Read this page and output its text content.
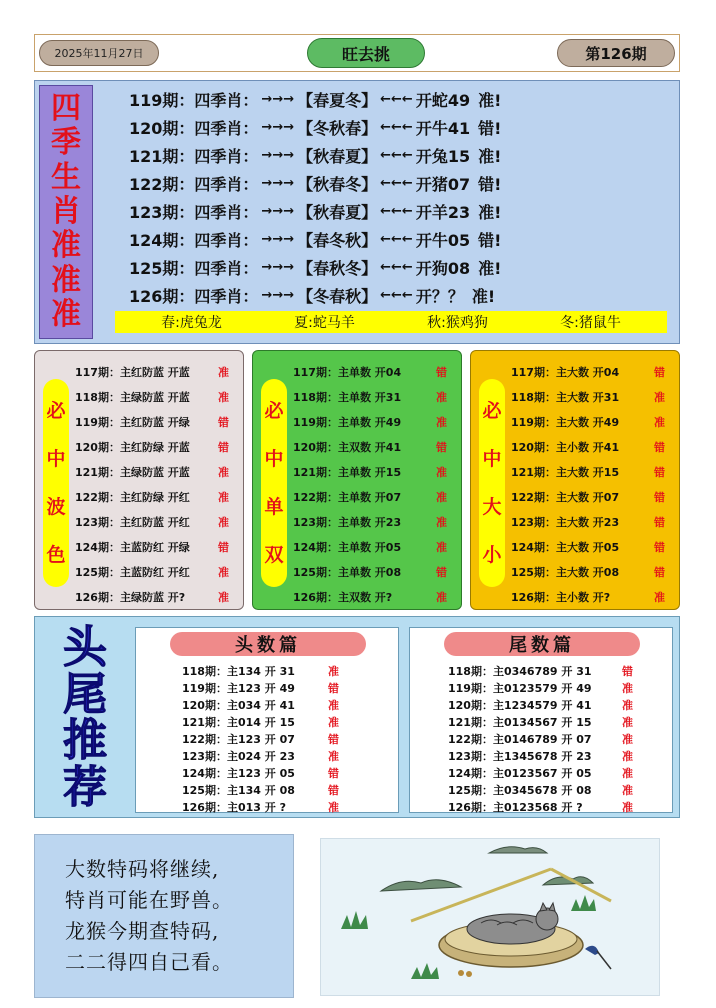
2025年11月27日	旺去挑	第126期
四
季
生
肖
准
准
准	春:虎兔龙	夏:蛇马羊	秋:猴鸡狗	冬:猪鼠牛
119期： 四季肖： →→→ 【春夏冬】 ←←← 开蛇49 准!
120期： 四季肖： →→→ 【冬秋春】 ←←← 开牛41 错!
121期： 四季肖： →→→ 【秋春夏】 ←←← 开兔15 准!
122期： 四季肖： →→→ 【秋春冬】 ←←← 开猪07 错!
123期： 四季肖： →→→ 【秋春夏】 ←←← 开羊23 准!
124期： 四季肖： →→→ 【春冬秋】 ←←← 开牛05 错!
125期： 四季肖： →→→ 【春秋冬】 ←←← 开狗08 准!
126期： 四季肖： →→→ 【冬春秋】 ←←← 开？？ 准!
必
中
波
色
117期：主红防蓝 开蓝	准
118期：主绿防蓝 开蓝	准
119期：主红防蓝 开绿	错
120期：主红防绿 开蓝	错
121期：主绿防蓝 开蓝	准
122期：主红防绿 开红	准
123期：主红防蓝 开红	准
124期：主蓝防红 开绿	错
125期：主蓝防红 开红	准
126期：主绿防蓝 开?	准
必
中
单
双
117期：主单数 开04	错
118期：主单数 开31	准
119期：主单数 开49	准
120期：主双数 开41	错
121期：主单数 开15	准
122期：主单数 开07	准
123期：主单数 开23	准
124期：主单数 开05	准
125期：主单数 开08	错
126期：主双数 开?	准
必
中
大
小
117期：主大数 开04	错
118期：主大数 开31	准
119期：主大数 开49	准
120期：主小数 开41	错
121期：主大数 开15	错
122期：主大数 开07	错
123期：主大数 开23	错
124期：主大数 开05	错
125期：主大数 开08	错
126期：主小数 开?	准
头
尾
推
荐
头数篇
118期：主134 开 31	准
119期：主123 开 49	错
120期：主034 开 41	准
121期：主014 开 15	准
122期：主123 开 07	错
123期：主024 开 23	准
124期：主123 开 05	错
125期：主134 开 08	错
126期：主013 开 ?	准
尾数篇
118期：主0346789 开 31	错
119期：主0123579 开 49	准
120期：主1234579 开 41	准
121期：主0134567 开 15	准
122期：主0146789 开 07	准
123期：主1345678 开 23	准
124期：主0123567 开 05	准
125期：主0345678 开 08	准
126期：主0123568 开 ?	准
大数特码将继续,
特肖可能在野兽。
龙猴今期查特码,
二二得四自己看。
